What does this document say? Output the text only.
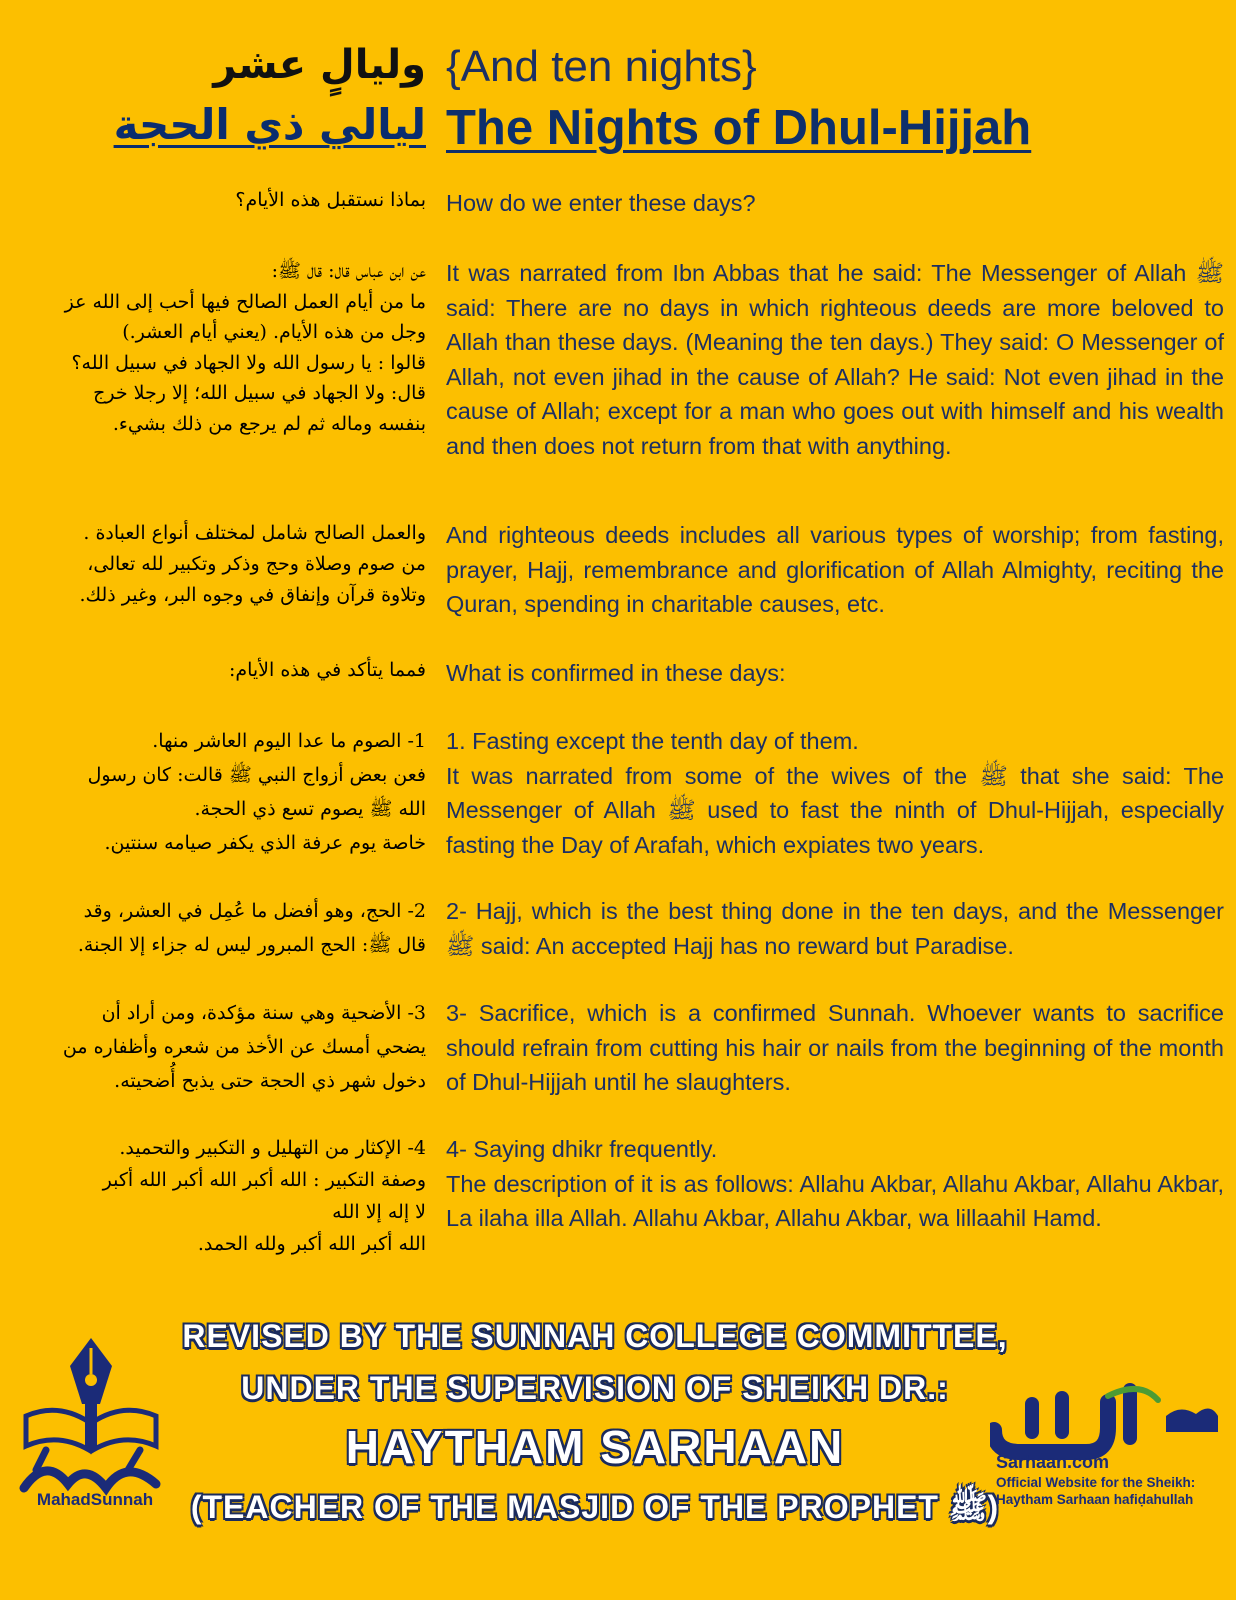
وليالٍ عشر
ليالي ذي الحجة
{And ten nights}
The Nights of Dhul-Hijjah

بماذا نستقبل هذه الأيام؟ How do we enter these days?

عن ابن عباس قال: قال ﷺ:

ما من أيام العمل الصالح فيها أحب إلى الله عز

وجل من هذه الأيام. (يعني أيام العشر.)

قالوا : يا رسول الله ولا الجهاد في سبيل الله؟

قال: ولا الجهاد في سبيل الله؛ إلا رجلا خرج

بنفسه وماله ثم لم يرجع من ذلك بشيء.

It was narrated from Ibn Abbas that he said: The Messenger of Allah ﷺ said: There are no days in which righteous deeds are more beloved to Allah than these days. (Meaning the ten days.) They said: O Messenger of Allah, not even jihad in the cause of Allah? He said: Not even jihad in the cause of Allah; except for a man who goes out with himself and his wealth and then does not return from that with anything.

والعمل الصالح شامل لمختلف أنواع العبادة .

من صوم وصلاة وحج وذكر وتكبير لله تعالى،

وتلاوة قرآن وإنفاق في وجوه البر، وغير ذلك.

And righteous deeds includes all various types of worship; from fasting, prayer, Hajj, remembrance and glorification of Allah Almighty, reciting the Quran, spending in charitable causes, etc.

فمما يتأكد في هذه الأيام: What is confirmed in these days:

1- الصوم ما عدا اليوم العاشر منها.

فعن بعض أزواج النبي ﷺ قالت: كان رسول

الله ﷺ يصوم تسع ذي الحجة.

خاصة يوم عرفة الذي يكفر صيامه سنتين.

1. Fasting except the tenth day of them.

It was narrated from some of the wives of the ﷺ that she said: The Messenger of Allah ﷺ used to fast the ninth of Dhul-Hijjah, especially fasting the Day of Arafah, which expiates two years.

2- الحج، وهو أفضل ما عُمِل في العشر، وقد

قال ﷺ: الحج المبرور ليس له جزاء إلا الجنة.

2- Hajj, which is the best thing done in the ten days, and the Messenger ﷺ said: An accepted Hajj has no reward but Paradise.

3- الأضحية وهي سنة مؤكدة، ومن أراد أن

يضحي أمسك عن الأخذ من شعره وأظفاره من

دخول شهر ذي الحجة حتى يذبح أُضحيته.

3- Sacrifice, which is a confirmed Sunnah. Whoever wants to sacrifice should refrain from cutting his hair or nails from the beginning of the month of Dhul-Hijjah until he slaughters.

4- الإكثار من التهليل و التكبير والتحميد.

وصفة التكبير : الله أكبر الله أكبر الله أكبر

لا إله إلا الله

الله أكبر الله أكبر ولله الحمد.

4- Saying dhikr frequently.

The description of it is as follows: Allahu Akbar, Allahu Akbar, Allahu Akbar, La ilaha illa Allah. Allahu Akbar, Allahu Akbar, wa lillaahil Hamd.

REVISED BY THE SUNNAH COLLEGE COMMITTEE,
UNDER THE SUPERVISION OF SHEIKH DR.:
HAYTHAM SARHAAN
(TEACHER OF THE MASJID OF THE PROPHET ﷺ)
MahadSunnah
Sarhaan.com
Official Website for the Sheikh:
Haytham Sarhaan hafiḍahullah
